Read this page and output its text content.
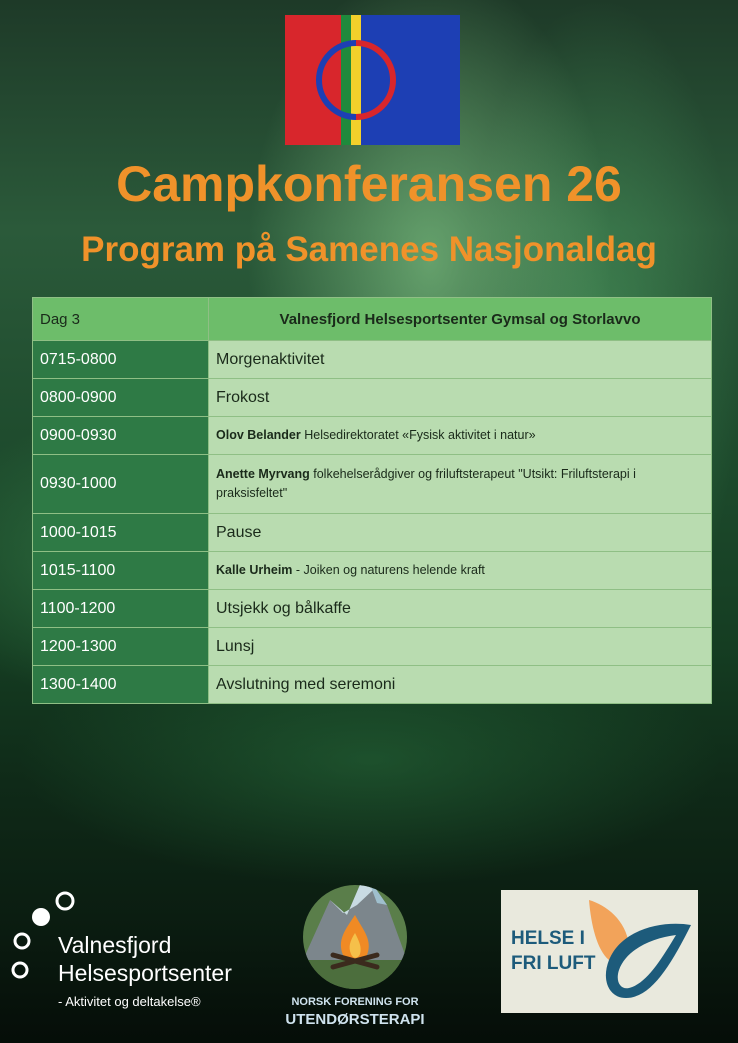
Campkonferansen 26
Program på Samenes Nasjonaldag
Dag 3	Valnesfjord Helsesportsenter Gymsal og Storlavvo
0715-0800	Morgenaktivitet
0800-0900	Frokost
0900-0930	Olov Belander Helsedirektoratet «Fysisk aktivitet i natur»
0930-1000	Anette Myrvang folkehelserådgiver og friluftsterapeut "Utsikt: Friluftsterapi i praksisfeltet"
1000-1015	Pause
1015-1100	Kalle Urheim - Joiken og naturens helende kraft
1100-1200	Utsjekk og bålkaffe
1200-1300	Lunsj
1300-1400	Avslutning med seremoni
Valnesfjord
Helsesportsenter
- Aktivitet og deltakelse®	NORSK FORENING FOR
UTENDØRSTERAPI
HELSE I
FRI LUFT
